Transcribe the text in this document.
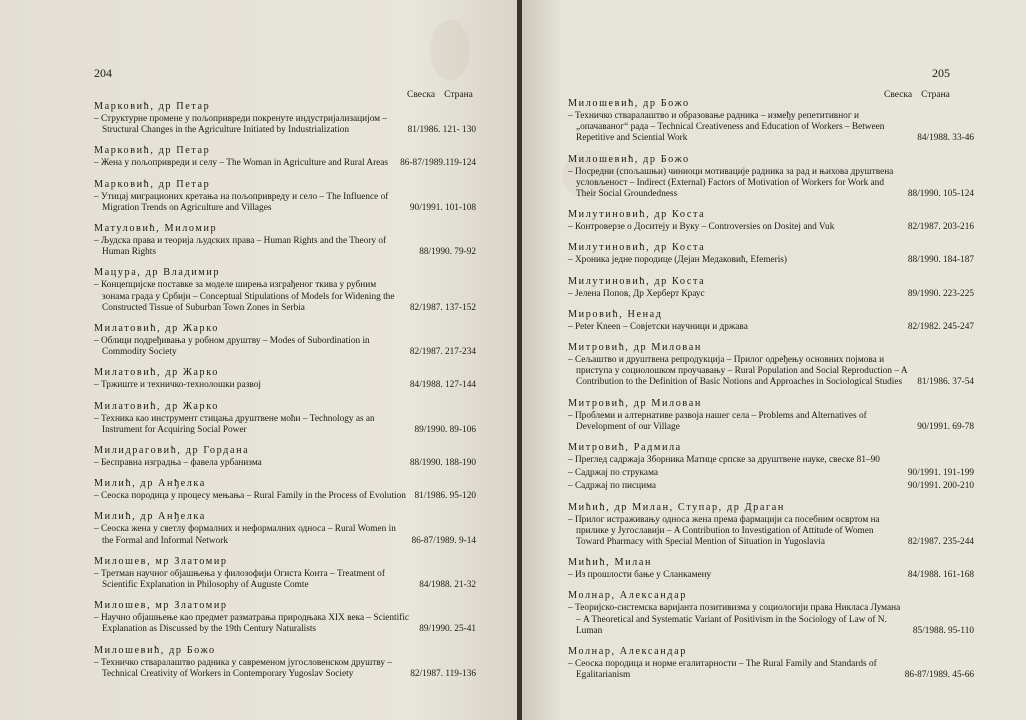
204
Свеска Страна
Марковић, др Петар
– Структурне промене у пољопривреди покренуте индустријализацијом – Structural Changes in the Agriculture Initiated by Industrialization	81/1986. 121- 130
Марковић, др Петар
– Жена у пољопривреди и селу – The Woman in Agriculture and Rural Areas	86-87/1989.119-124
Марковић, др Петар
– Утицај миграционих кретања на пољопривреду и село – The Influence of Migration Trends on Agriculture and Villages	90/1991. 101-108
Матуловић, Миломир
– Људска права и теорија људских права – Human Rights and the Theory of Human Rights	88/1990. 79-92
Мацура, др Владимир
– Концепцијске поставке за моделе ширења изграђеног ткива у рубним зонама града у Србији – Conceptual Stipulations of Models for Widening the Constructed Tissue of Suburban Town Zones in Serbia	82/1987. 137-152
Милатовић, др Жарко
– Облици подређивања у робном друштву – Modes of Subordination in Commodity Society	82/1987. 217-234
Милатовић, др Жарко
– Тржиште и техничко-технолошки развој	84/1988. 127-144
Милатовић, др Жарко
– Техника као инструмент стицања друштвене моћи – Technology as an Instrument for Acquiring Social Power	89/1990. 89-106
Милидраговић, др Гордана
– Бесправна изградња – фавела урбанизма	88/1990. 188-190
Милић, др Анђелка
– Сеоска породица у процесу мењања – Rural Family in the Process of Evolution 81/1986. 95-120
Милић, др Анђелка
– Сеоска жена у светлу формалних и неформалних односа – Rural Women in the Formal and Informal Network	86-87/1989. 9-14
Милошев, мр Златомир
– Третман научног објашњења у филозофији Огиста Конта – Treatment of Scientific Explanation in Philosophy of Auguste Comte	84/1988. 21-32
Милошев, мр Златомир
– Научно објашњење као предмет разматрања природњака XIX века – Scientific Explanation as Discussed by the 19th Century Naturalists	89/1990. 25-41
Милошевић, др Божо
– Техничко стваралаштво радника у савременом југословенском друштву – Technical Creativity of Workers in Contemporary Yugoslav Society	82/1987. 119-136
205
Свеска Страна
Милошевић, др Божо
– Техничко стваралаштво и образовање радника – између репетитивног и „опачаваног“ рада – Technical Creativeness and Education of Workers – Between Repetitive and Sciential Work	84/1988. 33-46
Милошевић, др Божо
– Посредни (спољашњи) чиниоци мотивације радника за рад и њихова друштвена условљеност – Indirect (External) Factors of Motivation of Workers for Work and Their Social Groundedness	88/1990. 105-124
Милутиновић, др Коста
– Контроверзе о Доситеју и Вуку – Controversies on Dositej and Vuk	82/1987. 203-216
Милутиновић, др Коста
– Хроника једне породице (Дејан Медаковић, Efemeris)	88/1990. 184-187
Милутиновић, др Коста
– Јелена Попов, Др Херберт Краус	89/1990. 223-225
Мировић, Ненад
– Peter Kneen – Совјетски научници и држава	82/1982. 245-247
Митровић, др Милован
– Сељаштво и друштвена репродукција – Прилог одређењу основних појмова и приступа у социолошком проучавању – Rural Population and Social Reproduction – A Contribution to the Definition of Basic Notions and Approaches in Sociological Studies	81/1986. 37-54
Митровић, др Милован
– Проблеми и алтернативе развоја нашег села – Problems and Alternatives of Development of our Village	90/1991. 69-78
Митровић, Радмила
– Преглед садржаја Зборника Матице српске за друштвене науке, свеске 81–90
– Садржај по струкама	90/1991. 191-199
– Садржај по писцима	90/1991. 200-210
Мићић, др Милан, Ступар, др Драган
– Прилог истраживању односа жена према фармацији са посебним освртом на прилике у Југославији – A Contribution to Investigation of Attitude of Women Toward Pharmacy with Special Mention of Situation in Yugoslavia	82/1987. 235-244
Мићић, Милан
– Из прошлости бање у Сланкамену	84/1988. 161-168
Молнар, Александар
– Теоријско-системска варијанта позитивизма у социологији права Никласа Лумана – A Theoretical and Systematic Variant of Positivism in the Sociology of Law of N. Luman	85/1988. 95-110
Молнар, Александар
– Сеоска породица и норме егалитарности – The Rural Family and Standards of Egalitarianism	86-87/1989. 45-66
